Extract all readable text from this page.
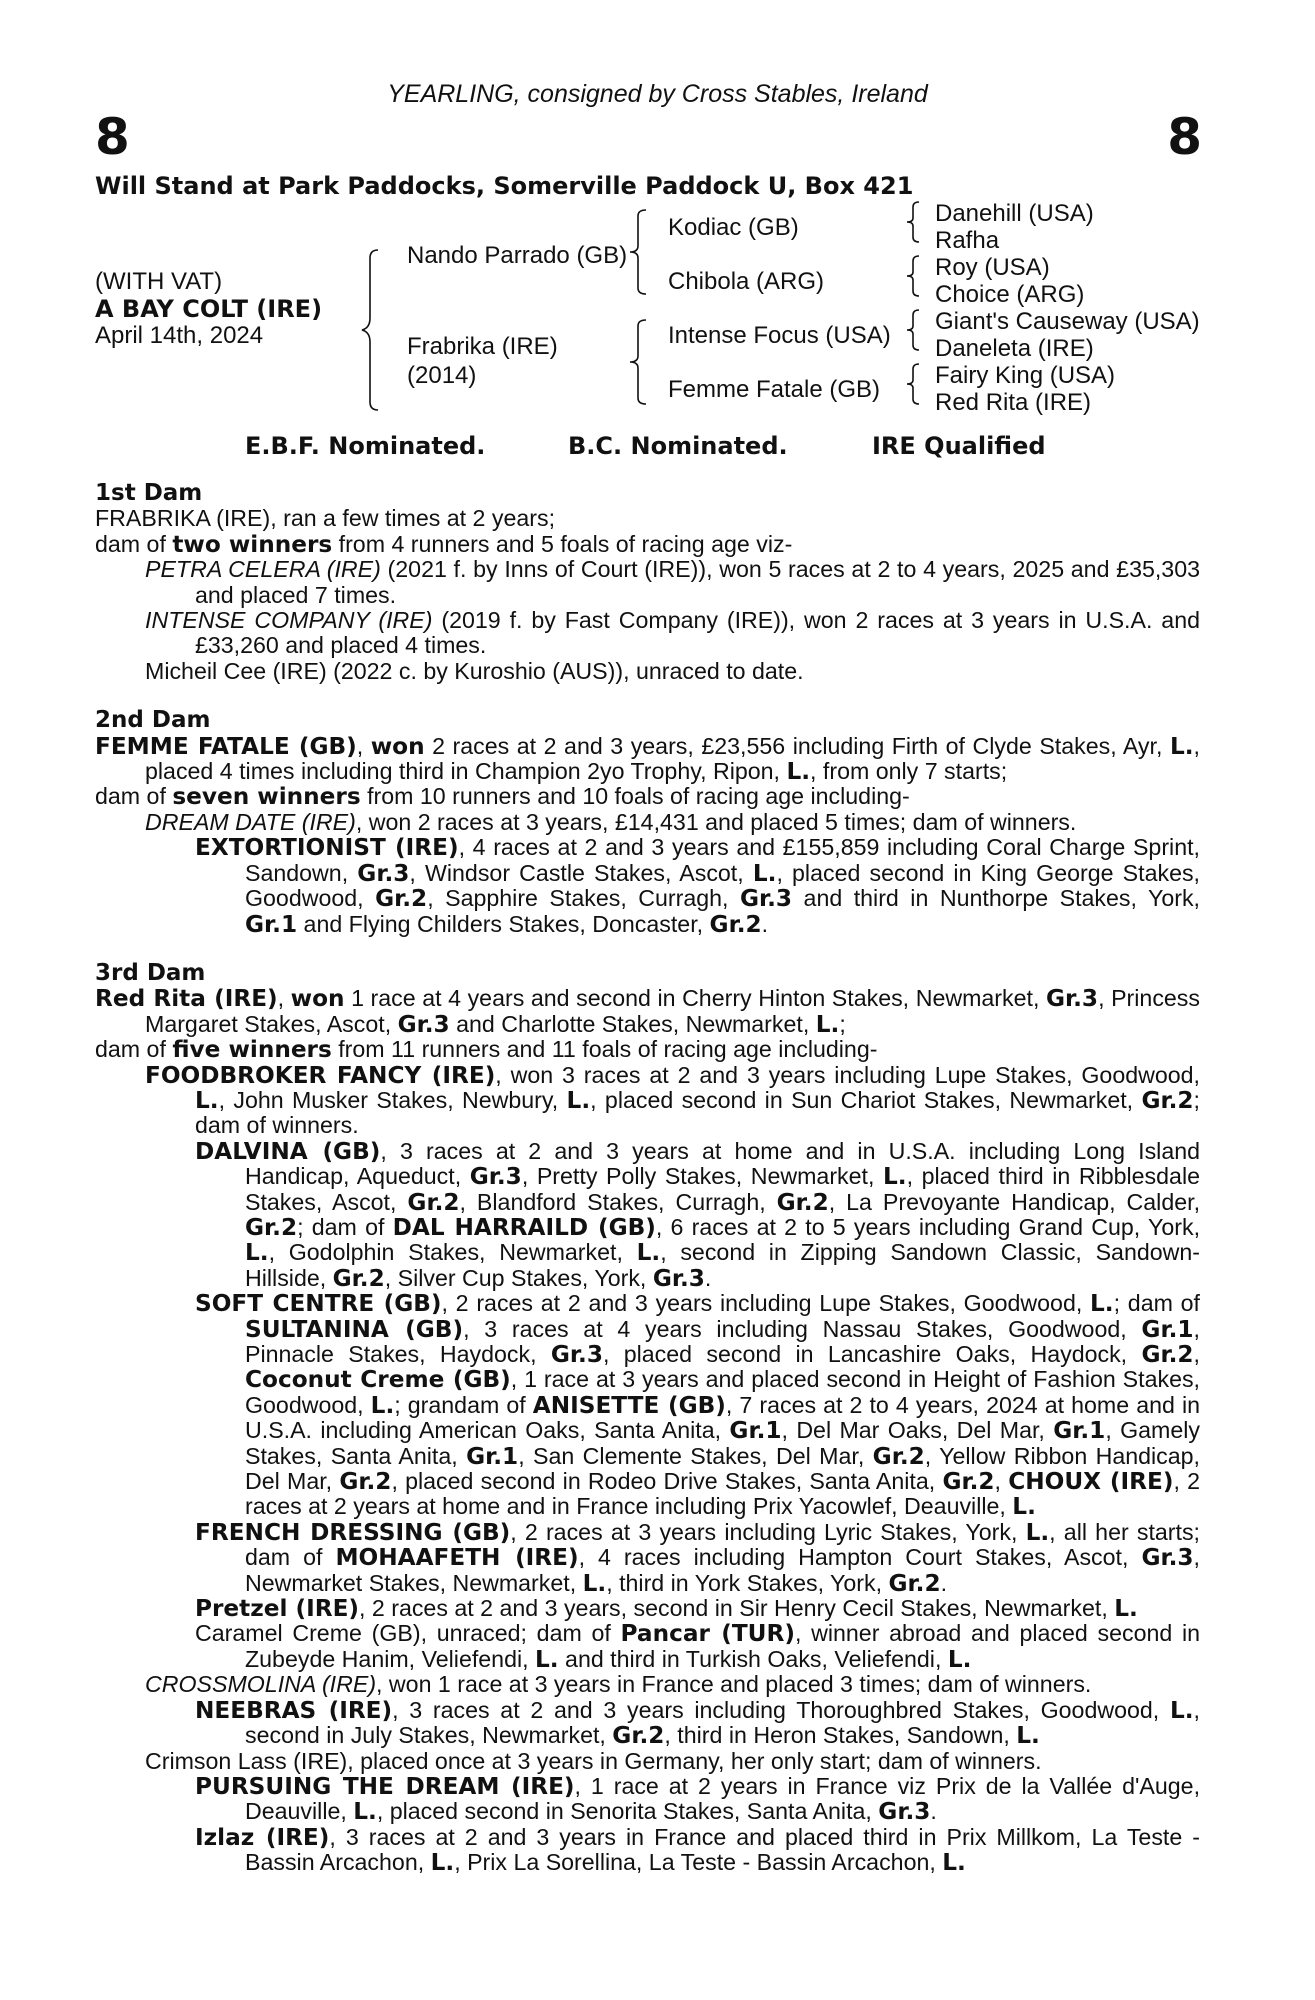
YEARLING, consigned by Cross Stables, Ireland
8	8
Will Stand at Park Paddocks, Somerville Paddock U, Box 421
(WITH VAT)
A BAY COLT (IRE)
April 14th, 2024
Nando Parrado (GB)
Frabrika (IRE)
(2014)
Kodiac (GB)
Chibola (ARG)
Intense Focus (USA)
Femme Fatale (GB)
Danehill (USA)
Rafha
Roy (USA)
Choice (ARG)
Giant's Causeway (USA)
Daneleta (IRE)
Fairy King (USA)
Red Rita (IRE)
E.B.F. Nominated.	B.C. Nominated.	IRE Qualified
1st Dam
FRABRIKA (IRE), ran a few times at 2 years;
dam of two winners from 4 runners and 5 foals of racing age viz-
PETRA CELERA (IRE) (2021 f. by Inns of Court (IRE)), won 5 races at 2 to 4 years, 2025 and £35,303 and placed 7 times.
INTENSE COMPANY (IRE) (2019 f. by Fast Company (IRE)), won 2 races at 3 years in U.S.A. and £33,260 and placed 4 times.
Micheil Cee (IRE) (2022 c. by Kuroshio (AUS)), unraced to date.
2nd Dam
FEMME FATALE (GB), won 2 races at 2 and 3 years, £23,556 including Firth of Clyde Stakes, Ayr, L., placed 4 times including third in Champion 2yo Trophy, Ripon, L., from only 7 starts;
dam of seven winners from 10 runners and 10 foals of racing age including-
DREAM DATE (IRE), won 2 races at 3 years, £14,431 and placed 5 times; dam of winners.
EXTORTIONIST (IRE), 4 races at 2 and 3 years and £155,859 including Coral Charge Sprint, Sandown, Gr.3, Windsor Castle Stakes, Ascot, L., placed second in King George Stakes, Goodwood, Gr.2, Sapphire Stakes, Curragh, Gr.3 and third in Nunthorpe Stakes, York, Gr.1 and Flying Childers Stakes, Doncaster, Gr.2.
3rd Dam
Red Rita (IRE), won 1 race at 4 years and second in Cherry Hinton Stakes, Newmarket, Gr.3, Princess Margaret Stakes, Ascot, Gr.3 and Charlotte Stakes, Newmarket, L.;
dam of five winners from 11 runners and 11 foals of racing age including-
FOODBROKER FANCY (IRE), won 3 races at 2 and 3 years including Lupe Stakes, Goodwood, L., John Musker Stakes, Newbury, L., placed second in Sun Chariot Stakes, Newmarket, Gr.2; dam of winners.
DALVINA (GB), 3 races at 2 and 3 years at home and in U.S.A. including Long Island Handicap, Aqueduct, Gr.3, Pretty Polly Stakes, Newmarket, L., placed third in Ribblesdale Stakes, Ascot, Gr.2, Blandford Stakes, Curragh, Gr.2, La Prevoyante Handicap, Calder, Gr.2; dam of DAL HARRAILD (GB), 6 races at 2 to 5 years including Grand Cup, York, L., Godolphin Stakes, Newmarket, L., second in Zipping Sandown Classic, Sandown-Hillside, Gr.2, Silver Cup Stakes, York, Gr.3.
SOFT CENTRE (GB), 2 races at 2 and 3 years including Lupe Stakes, Goodwood, L.; dam of SULTANINA (GB), 3 races at 4 years including Nassau Stakes, Goodwood, Gr.1, Pinnacle Stakes, Haydock, Gr.3, placed second in Lancashire Oaks, Haydock, Gr.2, Coconut Creme (GB), 1 race at 3 years and placed second in Height of Fashion Stakes, Goodwood, L.; grandam of ANISETTE (GB), 7 races at 2 to 4 years, 2024 at home and in U.S.A. including American Oaks, Santa Anita, Gr.1, Del Mar Oaks, Del Mar, Gr.1, Gamely Stakes, Santa Anita, Gr.1, San Clemente Stakes, Del Mar, Gr.2, Yellow Ribbon Handicap, Del Mar, Gr.2, placed second in Rodeo Drive Stakes, Santa Anita, Gr.2, CHOUX (IRE), 2 races at 2 years at home and in France including Prix Yacowlef, Deauville, L.
FRENCH DRESSING (GB), 2 races at 3 years including Lyric Stakes, York, L., all her starts; dam of MOHAAFETH (IRE), 4 races including Hampton Court Stakes, Ascot, Gr.3, Newmarket Stakes, Newmarket, L., third in York Stakes, York, Gr.2.
Pretzel (IRE), 2 races at 2 and 3 years, second in Sir Henry Cecil Stakes, Newmarket, L.
Caramel Creme (GB), unraced; dam of Pancar (TUR), winner abroad and placed second in Zubeyde Hanim, Veliefendi, L. and third in Turkish Oaks, Veliefendi, L.
CROSSMOLINA (IRE), won 1 race at 3 years in France and placed 3 times; dam of winners.
NEEBRAS (IRE), 3 races at 2 and 3 years including Thoroughbred Stakes, Goodwood, L., second in July Stakes, Newmarket, Gr.2, third in Heron Stakes, Sandown, L.
Crimson Lass (IRE), placed once at 3 years in Germany, her only start; dam of winners.
PURSUING THE DREAM (IRE), 1 race at 2 years in France viz Prix de la Vallée d'Auge, Deauville, L., placed second in Senorita Stakes, Santa Anita, Gr.3.
Izlaz (IRE), 3 races at 2 and 3 years in France and placed third in Prix Millkom, La Teste - Bassin Arcachon, L., Prix La Sorellina, La Teste - Bassin Arcachon, L.
